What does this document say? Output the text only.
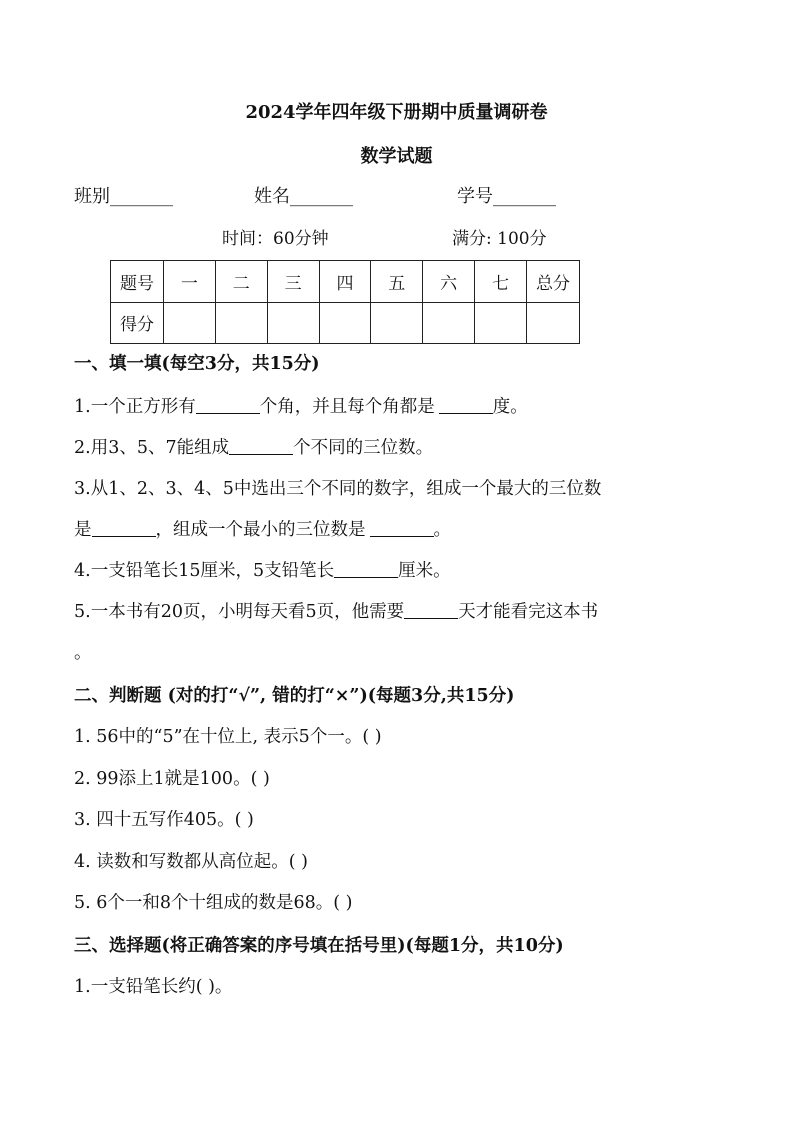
2024学年四年级下册期中质量调研卷
数学试题
班别_______	姓名_______	学号_______
时间：60分钟	满分: 100分
题号	一	二	三	四	五	六	七	总分
得分								
一、填一填(每空3分，共15分)
1.一个正方形有	个角，并且每个角都是	度。
2.用3、5、7能组成	个不同的三位数。
3.从1、2、3、4、5中选出三个不同的数字，组成一个最大的三位数
是	，组成一个最小的三位数是	。
4.一支铅笔长15厘米，5支铅笔长	厘米。
5.一本书有20页，小明每天看5页，他需要	天才能看完这本书
。
二、判断题 (对的打“√”, 错的打“×”)(每题3分,共15分)
1. 56中的“5”在十位上, 表示5个一。( )
2. 99添上1就是100。( )
3. 四十五写作405。( )
4. 读数和写数都从高位起。( )
5. 6个一和8个十组成的数是68。( )
三、选择题(将正确答案的序号填在括号里)(每题1分，共10分)
1.一支铅笔长约( )。
